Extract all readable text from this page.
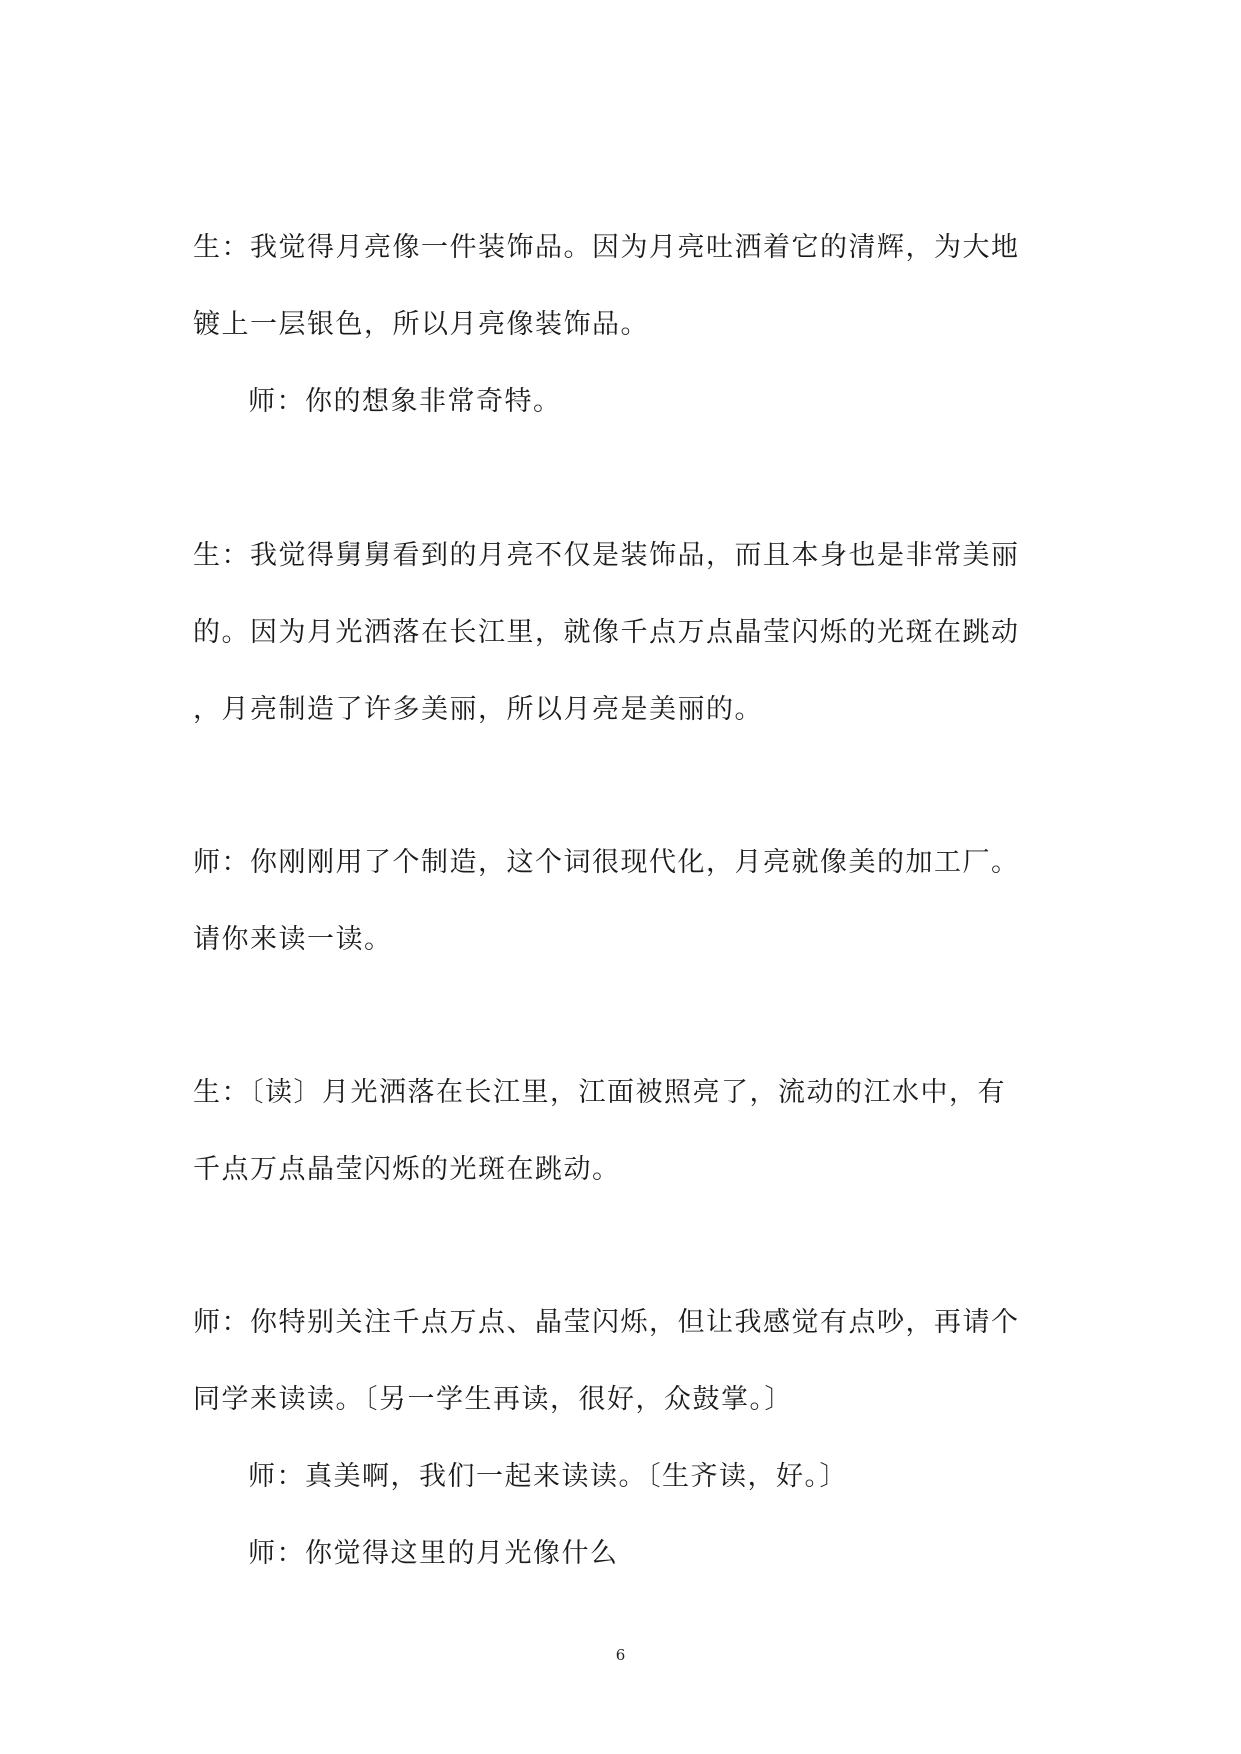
生：我觉得月亮像一件装饰品。因为月亮吐洒着它的清辉，为大地
镀上一层银色，所以月亮像装饰品。
师：你的想象非常奇特。
生：我觉得舅舅看到的月亮不仅是装饰品，而且本身也是非常美丽
的。因为月光洒落在长江里，就像千点万点晶莹闪烁的光斑在跳动
，月亮制造了许多美丽，所以月亮是美丽的。
师：你刚刚用了个制造，这个词很现代化，月亮就像美的加工厂。
请你来读一读。
生：〔读〕月光洒落在长江里，江面被照亮了，流动的江水中，有
千点万点晶莹闪烁的光斑在跳动。
师：你特别关注千点万点、晶莹闪烁，但让我感觉有点吵，再请个
同学来读读。〔另一学生再读，很好，众鼓掌。〕
师：真美啊，我们一起来读读。〔生齐读，好。〕
师：你觉得这里的月光像什么
6
